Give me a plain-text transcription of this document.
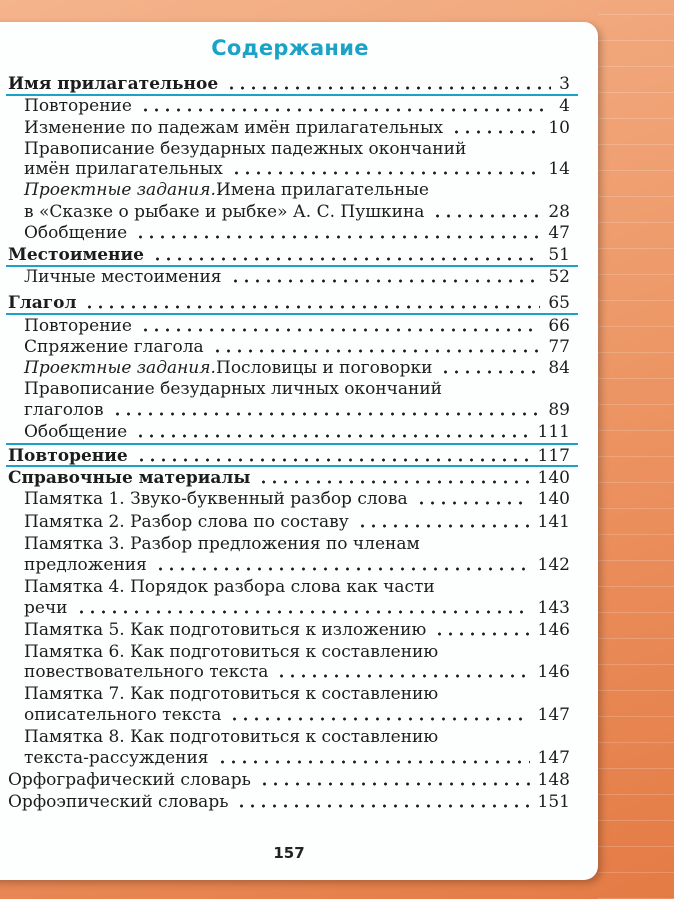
Содержание
Имя прилагательное	3
Повторение	4
Изменение по падежам имён прилагательных	10
Правописание безударных падежных окончаний
имён прилагательных	14
Проектные задания. Имена прилагательные
в «Сказке о рыбаке и рыбке» А. С. Пушкина	28
Обобщение	47
Местоимение	51
Личные местоимения	52
Глагол	65
Повторение	66
Спряжение глагола	77
Проектные задания. Пословицы и поговорки	84
Правописание безударных личных окончаний
глаголов	89
Обобщение	111
Повторение	117
Справочные материалы	140
Памятка 1. Звуко-буквенный разбор слова	140
Памятка 2. Разбор слова по составу	141
Памятка 3. Разбор предложения по членам
предложения	142
Памятка 4. Порядок разбора слова как части
речи	143
Памятка 5. Как подготовиться к изложению	146
Памятка 6. Как подготовиться к составлению
повествовательного текста	146
Памятка 7. Как подготовиться к составлению
описательного текста	147
Памятка 8. Как подготовиться к составлению
текста-рассуждения	147
Орфографический словарь	148
Орфоэпический словарь	151
157
